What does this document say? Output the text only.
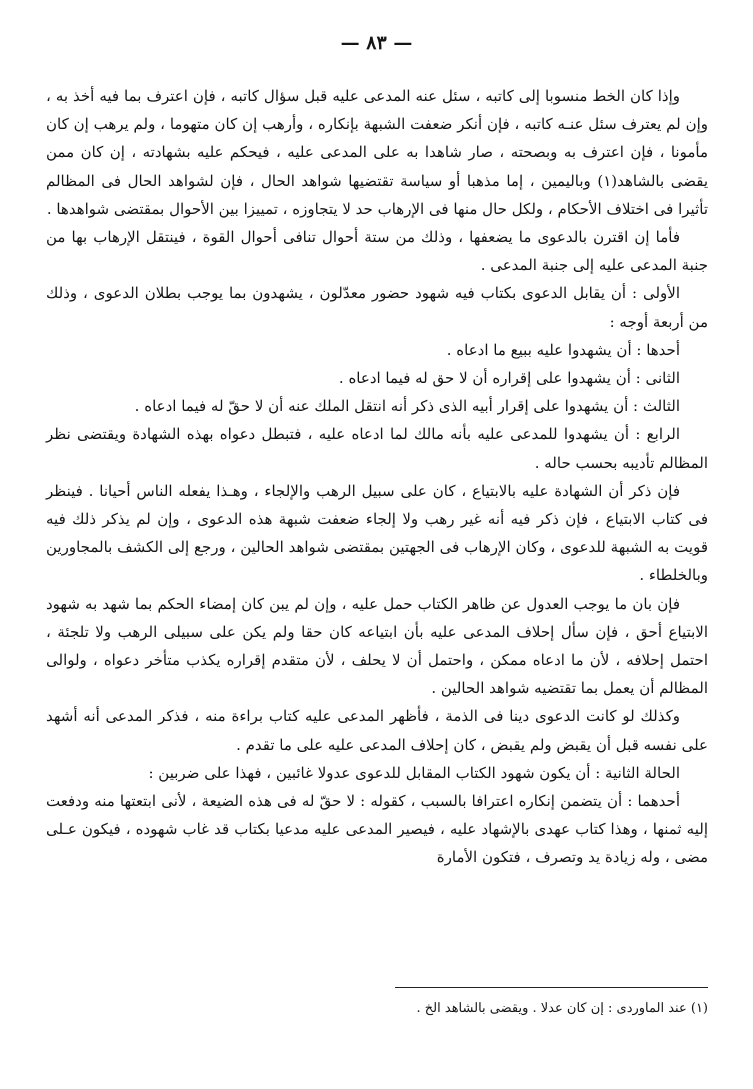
— ٨٣ —

وإذا كان الخط منسوبا إلى كاتبه ، سئل عنه المدعى عليه قبل سؤال كاتبه ، فإن اعترف بما فيه أخذ به ، وإن لم يعترف سئل عنـه كاتبه ، فإن أنكر ضعفت الشبهة بإنكاره ، وأرهب إن كان متهوما ، ولم يرهب إن كان مأمونا ، فإن اعترف به وبصحته ، صار شاهدا به على المدعى عليه ، فيحكم عليه بشهادته ، إن كان ممن يقضى بالشاهد(١) وباليمين ، إما مذهبا أو سياسة تقتضيها شواهد الحال ، فإن لشواهد الحال فى المظالم تأثيرا فى اختلاف الأحكام ، ولكل حال منها فى الإرهاب حد لا يتجاوزه ، تمييزا بين الأحوال بمقتضى شواهدها .

فأما إن اقترن بالدعوى ما يضعفها ، وذلك من ستة أحوال تنافى أحوال القوة ، فينتقل الإرهاب بها من جنبة المدعى عليه إلى جنبة المدعى .

الأولى : أن يقابل الدعوى بكتاب فيه شهود حضور معدّلون ، يشهدون بما يوجب بطلان الدعوى ، وذلك من أربعة أوجه :

أحدها : أن يشهدوا عليه ببيع ما ادعاه .

الثانى : أن يشهدوا على إقراره أن لا حق له فيما ادعاه .

الثالث : أن يشهدوا على إقرار أبيه الذى ذكر أنه انتقل الملك عنه أن لا حقّ له فيما ادعاه .

الرابع : أن يشهدوا للمدعى عليه بأنه مالك لما ادعاه عليه ، فتبطل دعواه بهذه الشهادة ويقتضى نظر المظالم تأديبه بحسب حاله .

فإن ذكر أن الشهادة عليه بالابتياع ، كان على سبيل الرهب والإلجاء ، وهـذا يفعله الناس أحيانا . فينظر فى كتاب الابتياع ، فإن ذكر فيه أنه غير رهب ولا إلجاء ضعفت شبهة هذه الدعوى ، وإن لم يذكر ذلك فيه قويت به الشبهة للدعوى ، وكان الإرهاب فى الجهتين بمقتضى شواهد الحالين ، ورجع إلى الكشف بالمجاورين وبالخلطاء .

فإن بان ما يوجب العدول عن ظاهر الكتاب حمل عليه ، وإن لم يبن كان إمضاء الحكم بما شهد به شهود الابتياع أحق ، فإن سأل إحلاف المدعى عليه بأن ابتياعه كان حقا ولم يكن على سبيلى الرهب ولا تلجئة ، احتمل إحلافه ، لأن ما ادعاه ممكن ، واحتمل أن لا يحلف ، لأن متقدم إقراره يكذب متأخر دعواه ، ولوالى المظالم أن يعمل بما تقتضيه شواهد الحالين .

وكذلك لو كانت الدعوى دينا فى الذمة ، فأظهر المدعى عليه كتاب براءة منه ، فذكر المدعى أنه أشهد على نفسه قبل أن يقبض ولم يقبض ، كان إحلاف المدعى عليه على ما تقدم .

الحالة الثانية : أن يكون شهود الكتاب المقابل للدعوى عدولا غائبين ، فهذا على ضربين :

أحدهما : أن يتضمن إنكاره اعترافا بالسبب ، كقوله : لا حقّ له فى هذه الضيعة ، لأنى ابتعتها منه ودفعت إليه ثمنها ، وهذا كتاب عهدى بالإشهاد عليه ، فيصير المدعى عليه مدعيا بكتاب قد غاب شهوده ، فيكون عـلى مضى ، وله زيادة يد وتصرف ، فتكون الأمارة

(١) عند الماوردى : إن كان عدلا . ويقضى بالشاهد الخ .
